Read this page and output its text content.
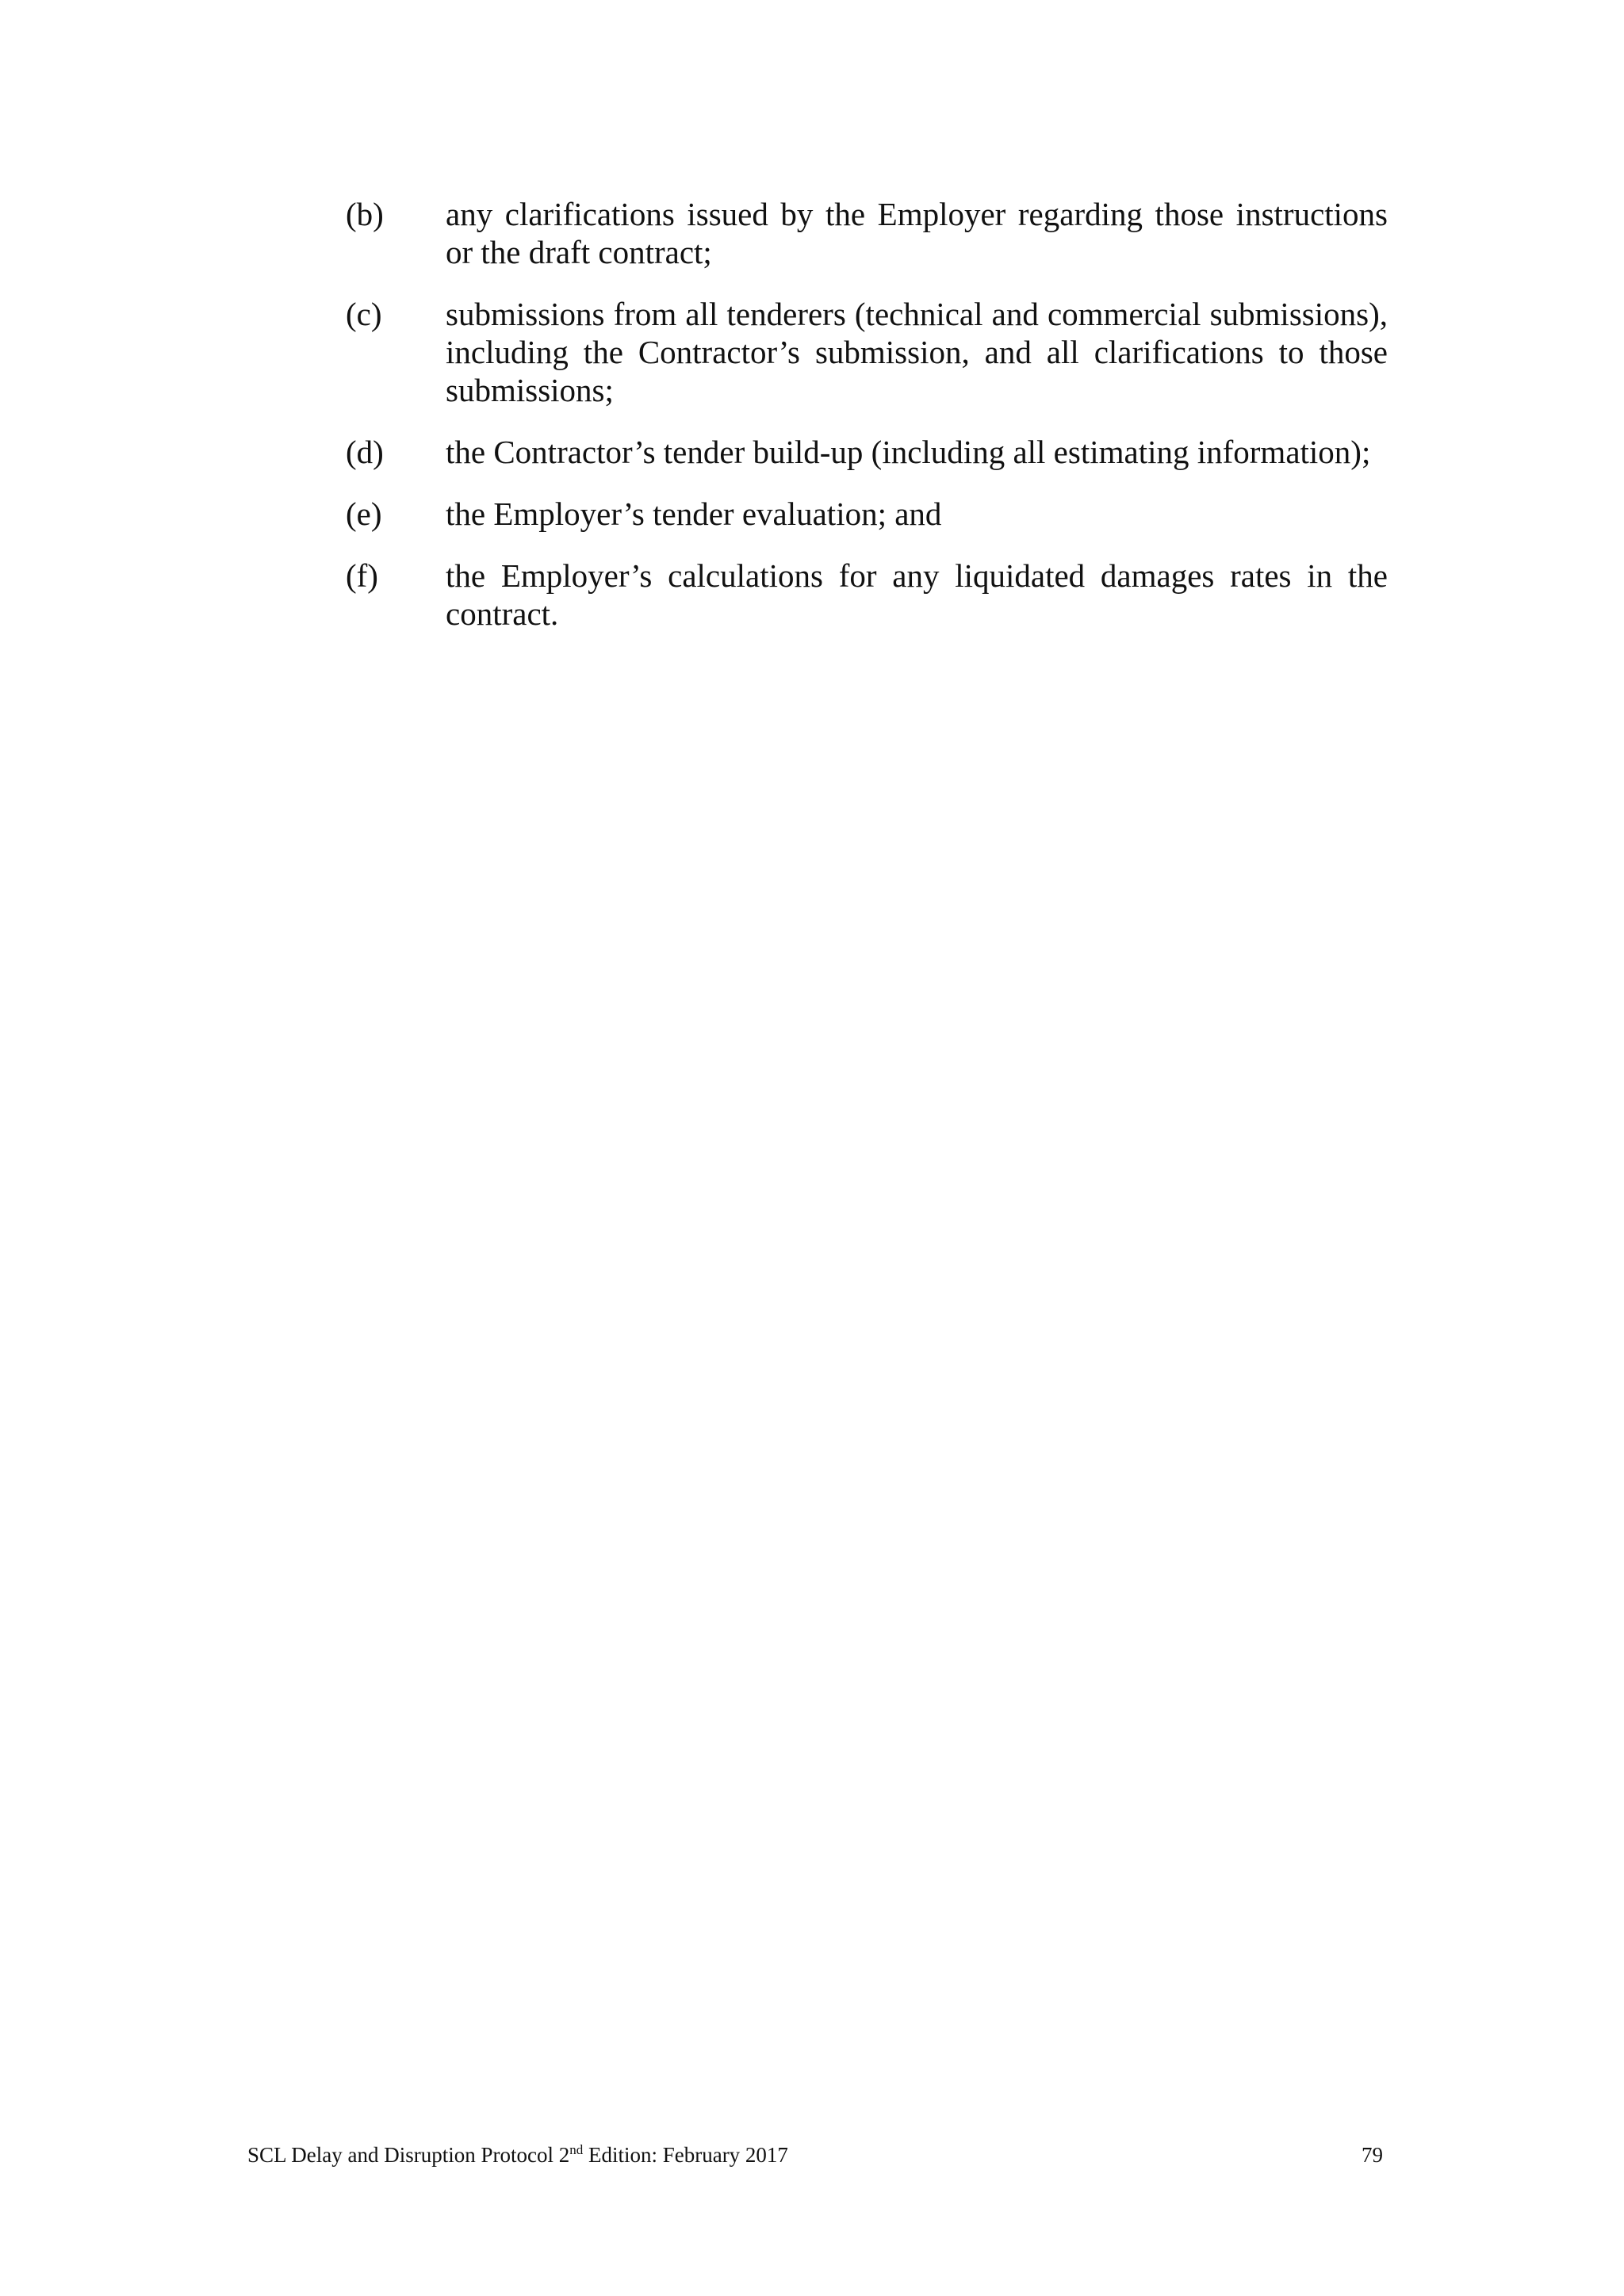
(b)	any clarifications issued by the Employer regarding those instructions or the draft contract;
(c)	submissions from all tenderers (technical and commercial submissions), including the Contractor’s submission, and all clarifications to those submissions;
(d)	the Contractor’s tender build-up (including all estimating information);
(e)	the Employer’s tender evaluation; and
(f)	the Employer’s calculations for any liquidated damages rates in the contract.
SCL Delay and Disruption Protocol 2nd Edition: February 2017	79
